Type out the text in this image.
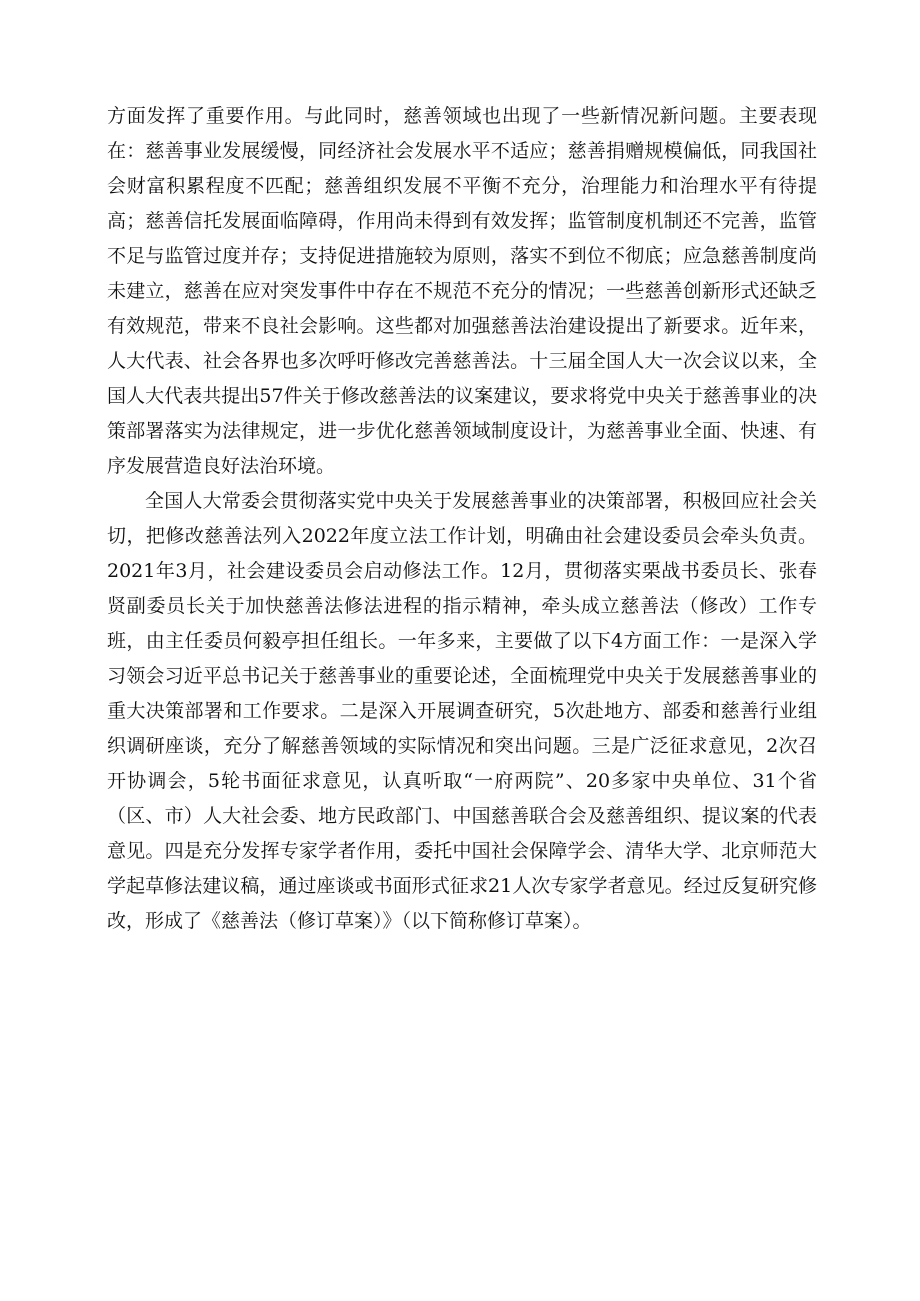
方面发挥了重要作用。与此同时，慈善领域也出现了一些新情况新问题。主要表现在：慈善事业发展缓慢，同经济社会发展水平不适应；慈善捐赠规模偏低，同我国社会财富积累程度不匹配；慈善组织发展不平衡不充分，治理能力和治理水平有待提高；慈善信托发展面临障碍，作用尚未得到有效发挥；监管制度机制还不完善，监管不足与监管过度并存；支持促进措施较为原则，落实不到位不彻底；应急慈善制度尚未建立，慈善在应对突发事件中存在不规范不充分的情况；一些慈善创新形式还缺乏有效规范，带来不良社会影响。这些都对加强慈善法治建设提出了新要求。近年来，人大代表、社会各界也多次呼吁修改完善慈善法。十三届全国人大一次会议以来，全国人大代表共提出57件关于修改慈善法的议案建议，要求将党中央关于慈善事业的决策部署落实为法律规定，进一步优化慈善领域制度设计，为慈善事业全面、快速、有序发展营造良好法治环境。

全国人大常委会贯彻落实党中央关于发展慈善事业的决策部署，积极回应社会关切，把修改慈善法列入2022年度立法工作计划，明确由社会建设委员会牵头负责。2021年3月，社会建设委员会启动修法工作。12月，贯彻落实栗战书委员长、张春贤副委员长关于加快慈善法修法进程的指示精神，牵头成立慈善法（修改）工作专班，由主任委员何毅亭担任组长。一年多来，主要做了以下4方面工作：一是深入学习领会习近平总书记关于慈善事业的重要论述，全面梳理党中央关于发展慈善事业的重大决策部署和工作要求。二是深入开展调查研究，5次赴地方、部委和慈善行业组织调研座谈，充分了解慈善领域的实际情况和突出问题。三是广泛征求意见，2次召开协调会，5轮书面征求意见，认真听取“一府两院”、20多家中央单位、31个省（区、市）人大社会委、地方民政部门、中国慈善联合会及慈善组织、提议案的代表意见。四是充分发挥专家学者作用，委托中国社会保障学会、清华大学、北京师范大学起草修法建议稿，通过座谈或书面形式征求21人次专家学者意见。经过反复研究修改，形成了《慈善法（修订草案）》（以下简称修订草案）。
